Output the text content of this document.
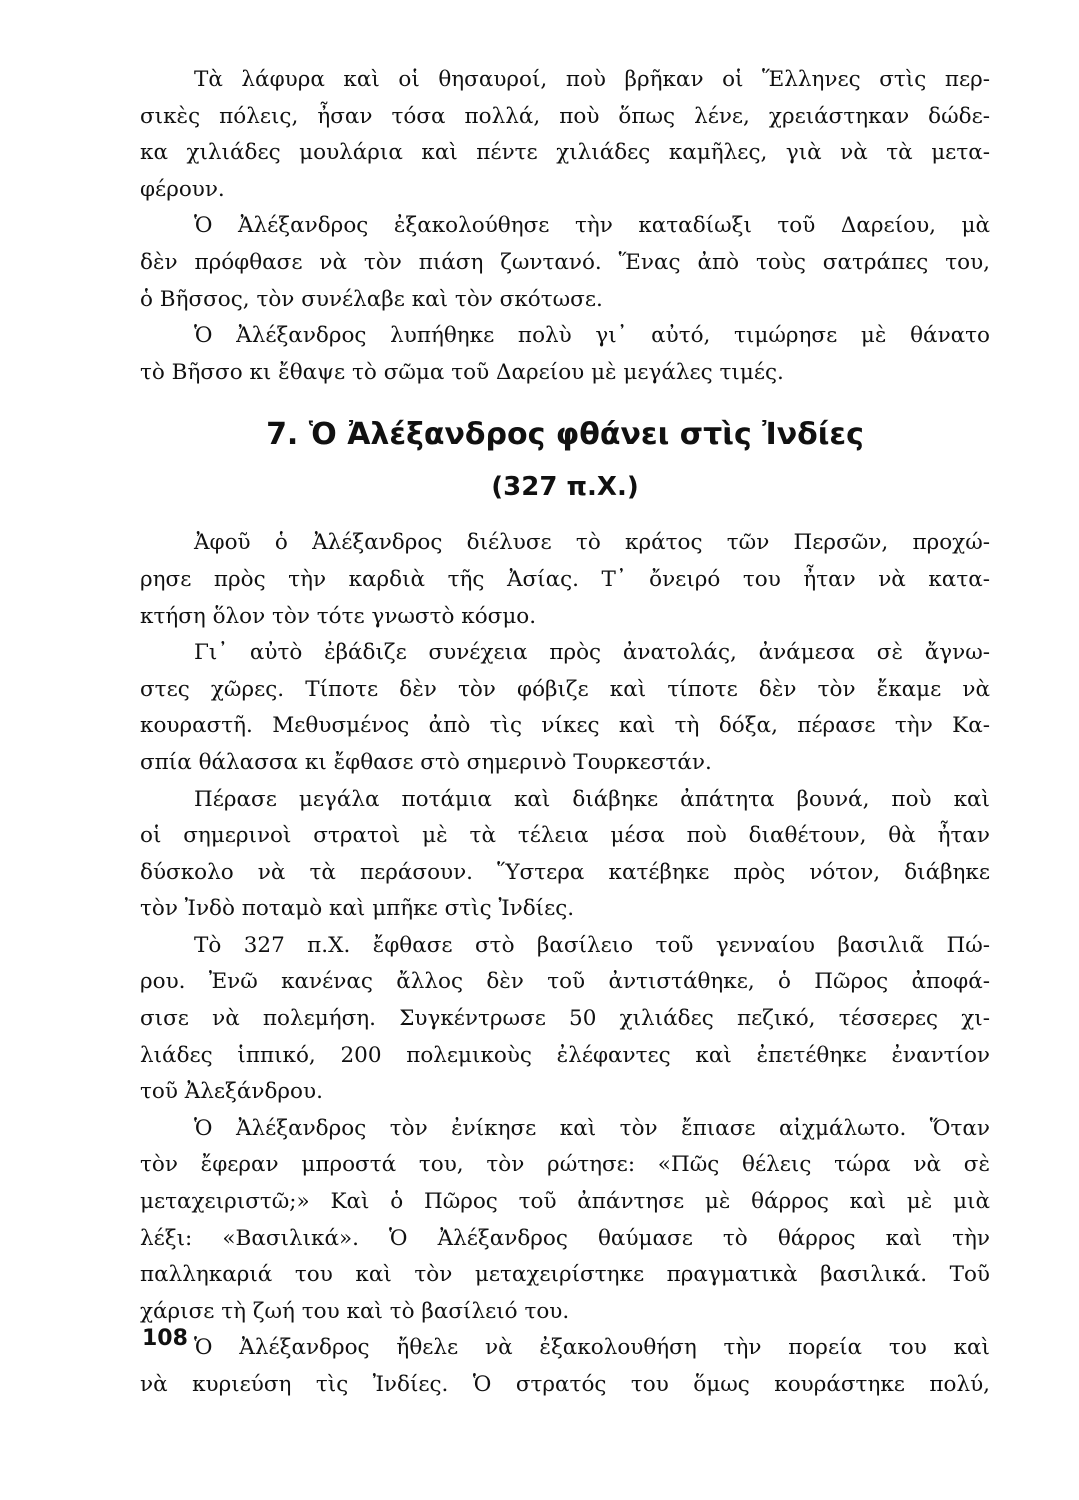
Τὰ λάφυρα καὶ οἱ θησαυροί, ποὺ βρῆκαν οἱ Ἕλληνες στὶς περ-
σικὲς πόλεις, ἦσαν τόσα πολλά, ποὺ ὅπως λένε, χρειάστηκαν δώδε-
κα χιλιάδες μουλάρια καὶ πέντε χιλιάδες καμῆλες, γιὰ νὰ τὰ μετα-
φέρουν.
Ὁ Ἀλέξανδρος ἐξακολούθησε τὴν καταδίωξι τοῦ Δαρείου, μὰ
δὲν πρόφθασε νὰ τὸν πιάση ζωντανό. Ἕνας ἀπὸ τοὺς σατράπες του,
ὁ Βῆσσος, τὸν συνέλαβε καὶ τὸν σκότωσε.
Ὁ Ἀλέξανδρος λυπήθηκε πολὺ γι᾽ αὐτό, τιμώρησε μὲ θάνατο
τὸ Βῆσσο κι ἔθαψε τὸ σῶμα τοῦ Δαρείου μὲ μεγάλες τιμές.
7. Ὁ Ἀλέξανδρος φθάνει στὶς Ἰνδίες
(327 π.Χ.)
Ἀφοῦ ὁ Ἀλέξανδρος διέλυσε τὸ κράτος τῶν Περσῶν, προχώ-
ρησε πρὸς τὴν καρδιὰ τῆς Ἀσίας. Τ᾽ ὄνειρό του ἦταν νὰ κατα-
κτήση ὅλον τὸν τότε γνωστὸ κόσμο.
Γι᾽ αὐτὸ ἐβάδιζε συνέχεια πρὸς ἀνατολάς, ἀνάμεσα σὲ ἄγνω-
στες χῶρες. Τίποτε δὲν τὸν φόβιζε καὶ τίποτε δὲν τὸν ἔκαμε νὰ
κουραστῆ. Μεθυσμένος ἀπὸ τὶς νίκες καὶ τὴ δόξα, πέρασε τὴν Κα-
σπία θάλασσα κι ἔφθασε στὸ σημερινὸ Τουρκεστάν.
Πέρασε μεγάλα ποτάμια καὶ διάβηκε ἀπάτητα βουνά, ποὺ καὶ
οἱ σημερινοὶ στρατοὶ μὲ τὰ τέλεια μέσα ποὺ διαθέτουν, θὰ ἦταν
δύσκολο νὰ τὰ περάσουν. Ὕστερα κατέβηκε πρὸς νότον, διάβηκε
τὸν Ἰνδὸ ποταμὸ καὶ μπῆκε στὶς Ἰνδίες.
Τὸ 327 π.Χ. ἔφθασε στὸ βασίλειο τοῦ γενναίου βασιλιᾶ Πώ-
ρου. Ἐνῶ κανένας ἄλλος δὲν τοῦ ἀντιστάθηκε, ὁ Πῶρος ἀποφά-
σισε νὰ πολεμήση. Συγκέντρωσε 50 χιλιάδες πεζικό, τέσσερες χι-
λιάδες ἱππικό, 200 πολεμικοὺς ἐλέφαντες καὶ ἐπετέθηκε ἐναντίον
τοῦ Ἀλεξάνδρου.
Ὁ Ἀλέξανδρος τὸν ἐνίκησε καὶ τὸν ἔπιασε αἰχμάλωτο. Ὅταν
τὸν ἔφεραν μπροστά του, τὸν ρώτησε: «Πῶς θέλεις τώρα νὰ σὲ
μεταχειριστῶ;» Καὶ ὁ Πῶρος τοῦ ἀπάντησε μὲ θάρρος καὶ μὲ μιὰ
λέξι: «Βασιλικά». Ὁ Ἀλέξανδρος θαύμασε τὸ θάρρος καὶ τὴν
παλληκαριά του καὶ τὸν μεταχειρίστηκε πραγματικὰ βασιλικά. Τοῦ
χάρισε τὴ ζωή του καὶ τὸ βασίλειό του.
Ὁ Ἀλέξανδρος ἤθελε νὰ ἐξακολουθήση τὴν πορεία του καὶ
νὰ κυριεύση τὶς Ἰνδίες. Ὁ στρατός του ὅμως κουράστηκε πολύ,
108
